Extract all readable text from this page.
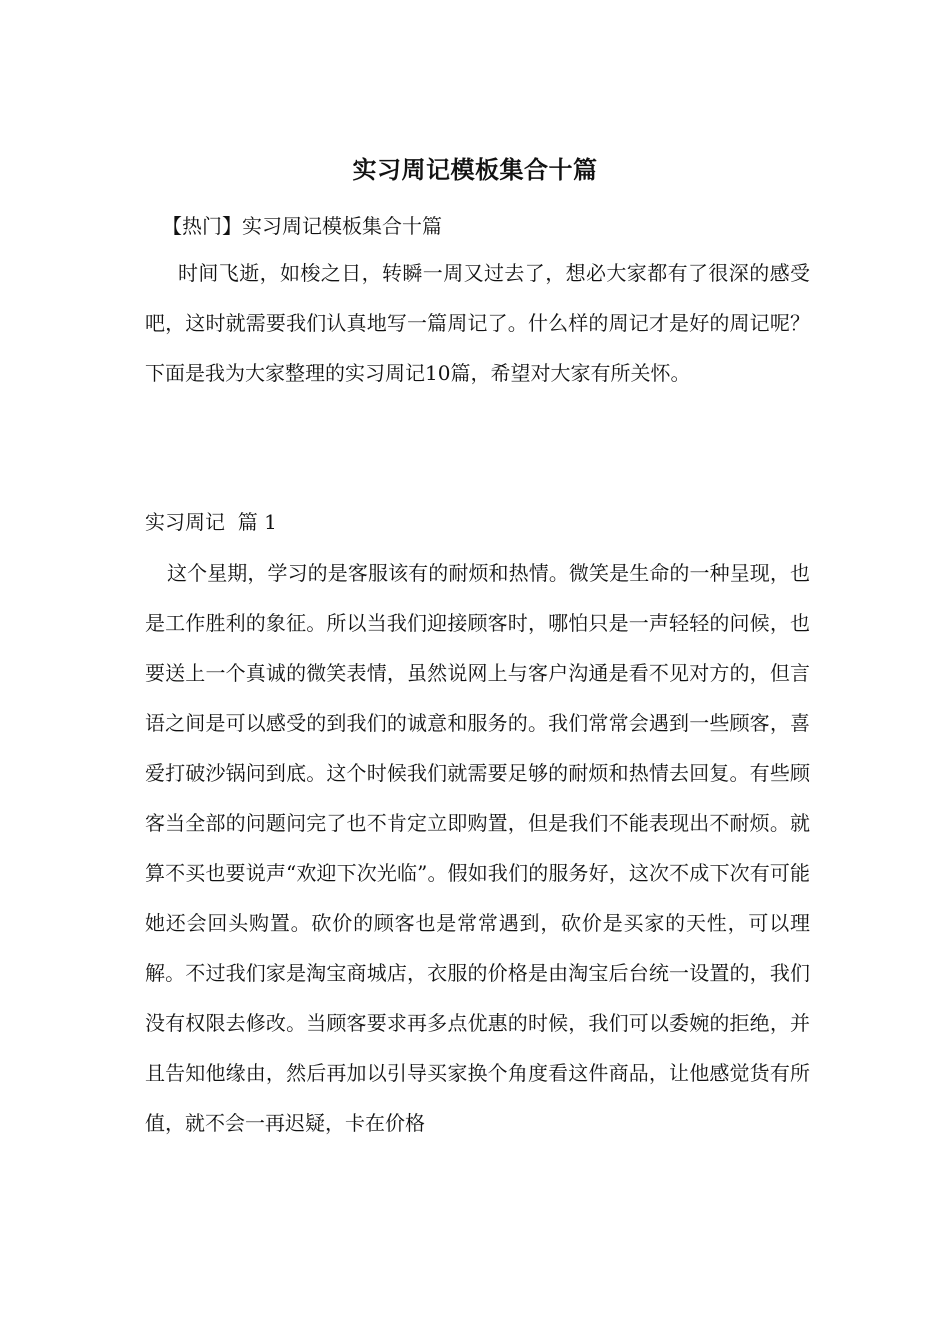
实习周记模板集合十篇
【热门】实习周记模板集合十篇
时间飞逝，如梭之日，转瞬一周又过去了，想必大家都有了很深的感受吧，这时就需要我们认真地写一篇周记了。什么样的周记才是好的周记呢？下面是我为大家整理的实习周记10篇，希望对大家有所关怀。
实习周记  篇 1
这个星期，学习的是客服该有的耐烦和热情。微笑是生命的一种呈现，也是工作胜利的象征。所以当我们迎接顾客时，哪怕只是一声轻轻的问候，也要送上一个真诚的微笑表情，虽然说网上与客户沟通是看不见对方的，但言语之间是可以感受的到我们的诚意和服务的。我们常常会遇到一些顾客，喜爱打破沙锅问到底。这个时候我们就需要足够的耐烦和热情去回复。有些顾客当全部的问题问完了也不肯定立即购置，但是我们不能表现出不耐烦。就算不买也要说声“欢迎下次光临”。假如我们的服务好，这次不成下次有可能她还会回头购置。砍价的顾客也是常常遇到，砍价是买家的天性，可以理解。不过我们家是淘宝商城店，衣服的价格是由淘宝后台统一设置的，我们没有权限去修改。当顾客要求再多点优惠的时候，我们可以委婉的拒绝，并且告知他缘由，然后再加以引导买家换个角度看这件商品，让他感觉货有所值，就不会一再迟疑，卡在价格
